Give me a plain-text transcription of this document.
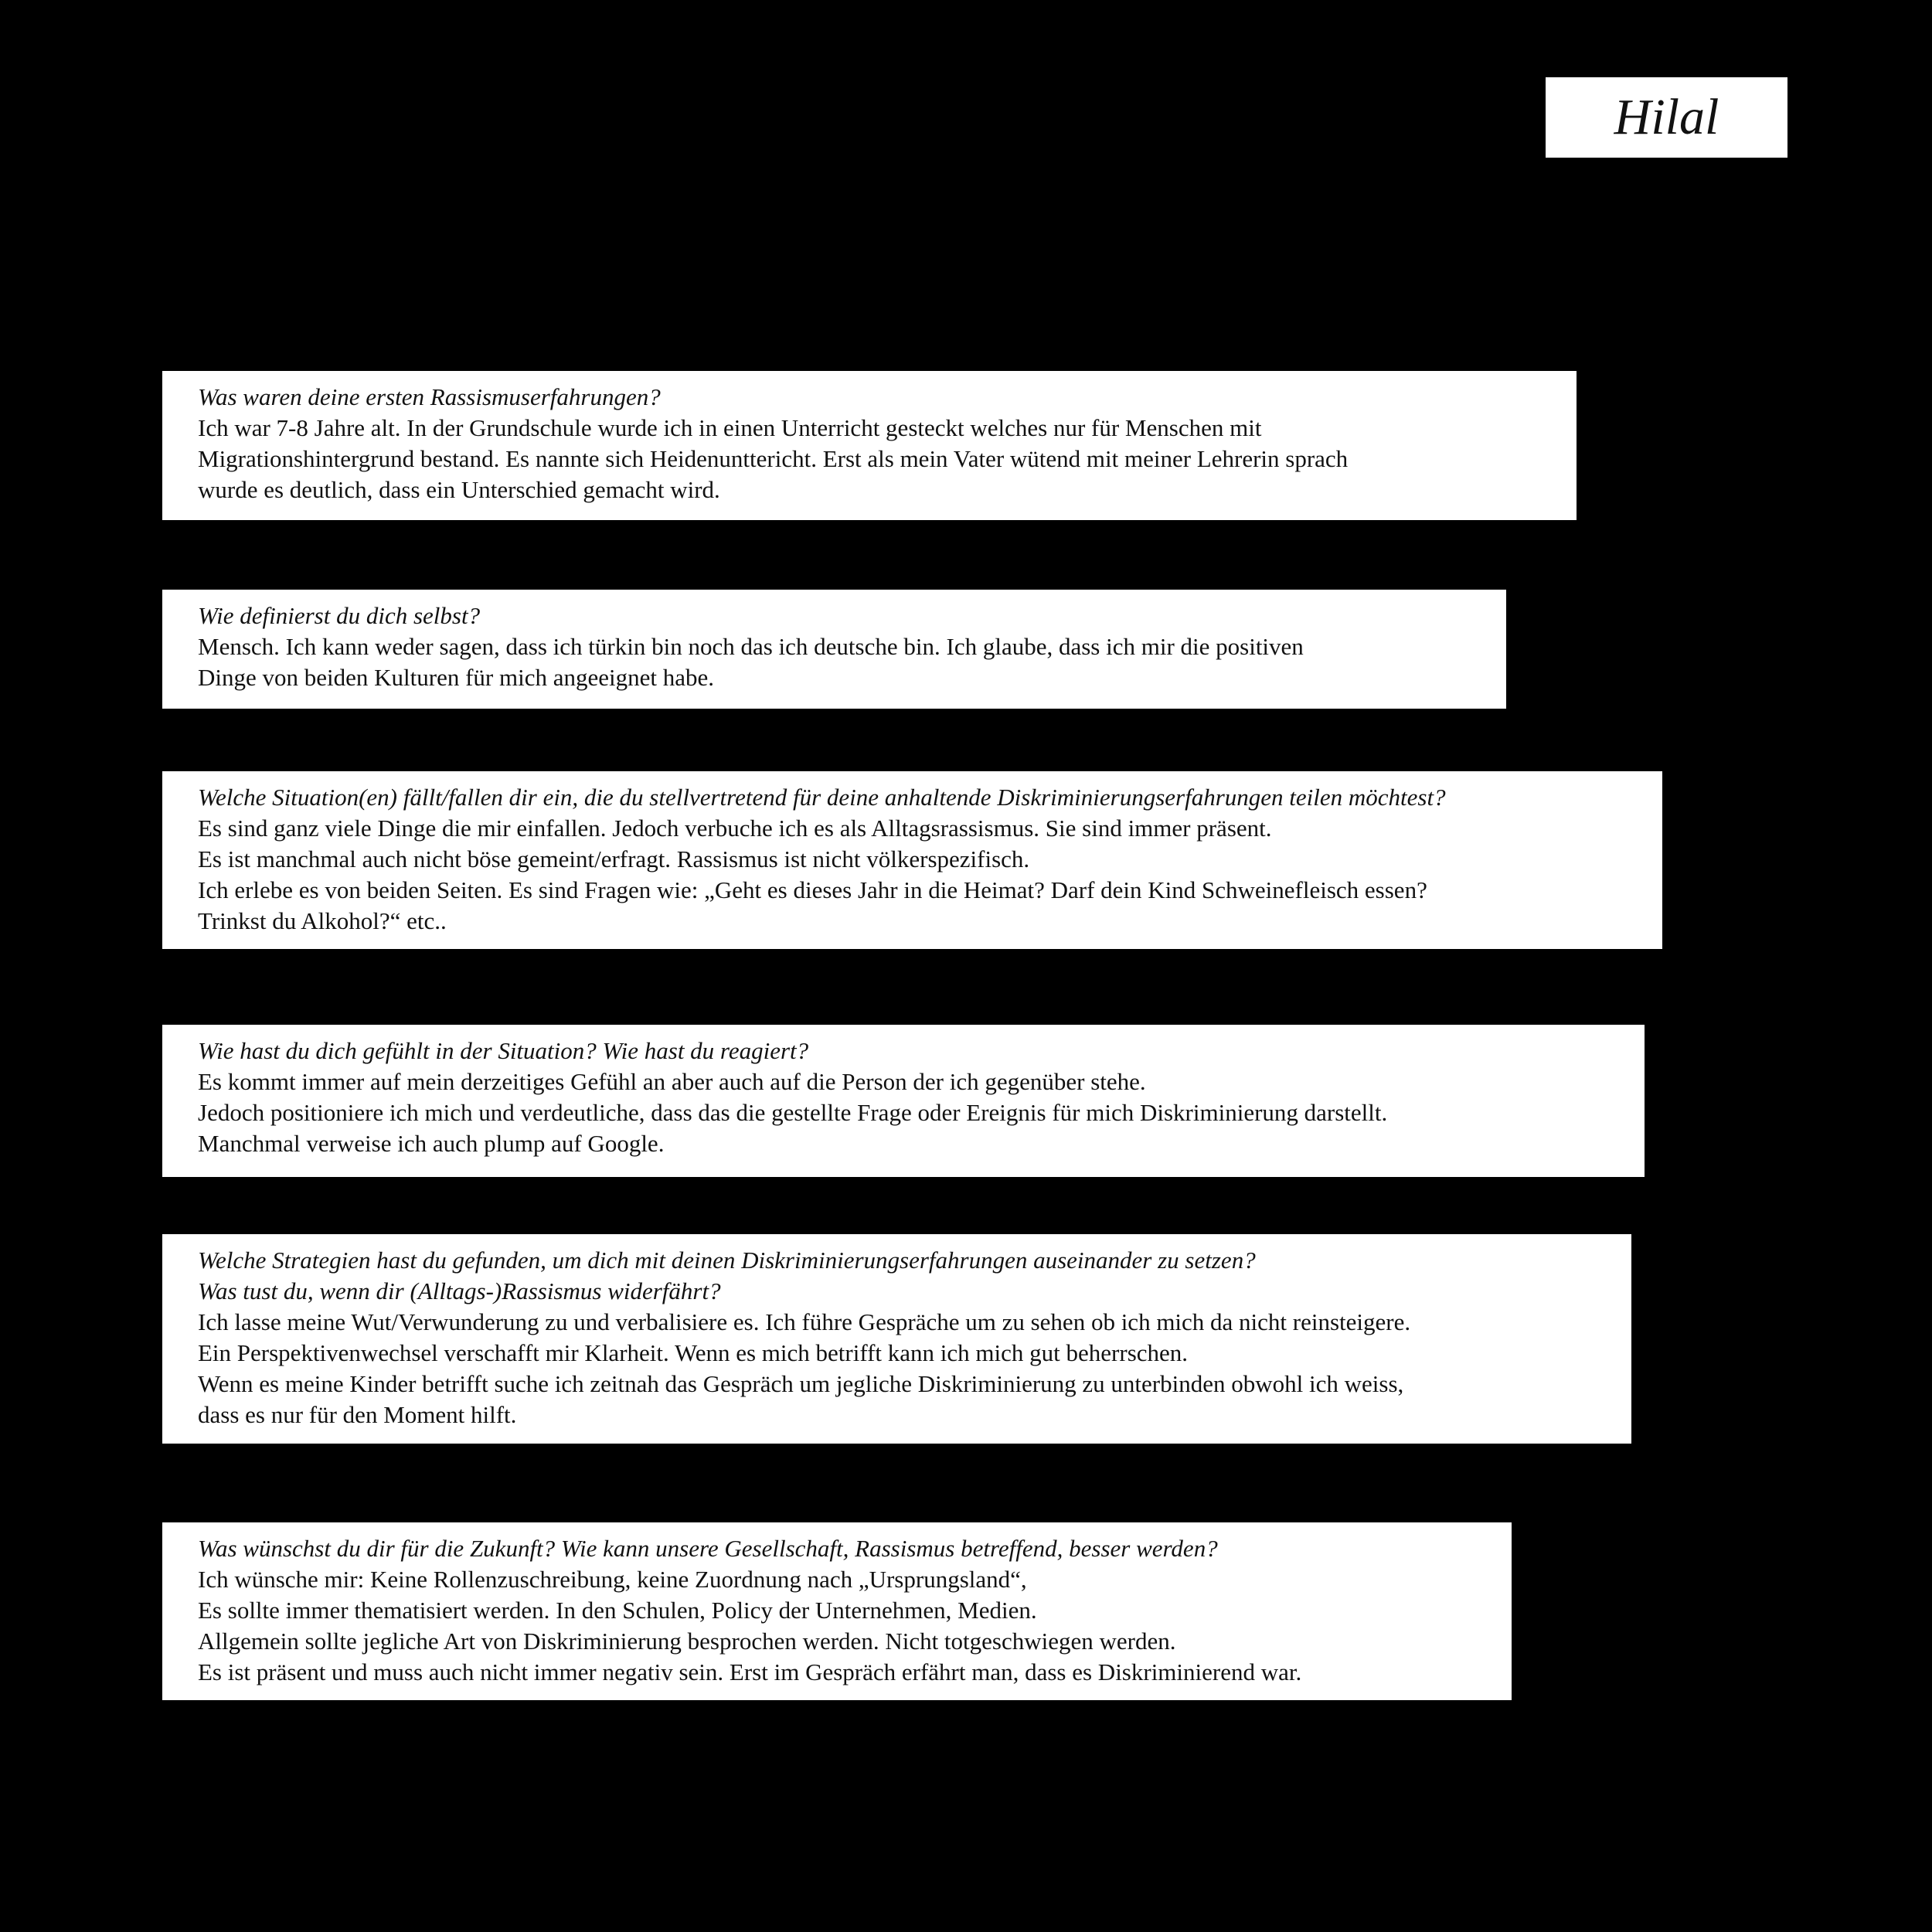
Hilal
Was waren deine ersten Rassismuserfahrungen?
Ich war 7-8 Jahre alt. In der Grundschule wurde ich in einen Unterricht gesteckt welches nur für Menschen mit
Migrationshintergrund bestand. Es nannte sich Heidenunttericht. Erst als mein Vater wütend mit meiner Lehrerin sprach
wurde es deutlich, dass ein Unterschied gemacht wird.
Wie definierst du dich selbst?
Mensch. Ich kann weder sagen, dass ich türkin bin noch das ich deutsche bin. Ich glaube, dass ich mir die positiven
Dinge von beiden Kulturen für mich angeeignet habe.
Welche Situation(en) fällt/fallen dir ein, die du stellvertretend für deine anhaltende Diskriminierungserfahrungen teilen möchtest?
Es sind ganz viele Dinge die mir einfallen. Jedoch verbuche ich es als Alltagsrassismus. Sie sind immer präsent.
Es ist manchmal auch nicht böse gemeint/erfragt. Rassismus ist nicht völkerspezifisch.
Ich erlebe es von beiden Seiten. Es sind Fragen wie: „Geht es dieses Jahr in die Heimat? Darf dein Kind Schweinefleisch essen?
Trinkst du Alkohol?“ etc..
Wie hast du dich gefühlt in der Situation? Wie hast du reagiert?
Es kommt immer auf mein derzeitiges Gefühl an aber auch auf die Person der ich gegenüber stehe.
Jedoch positioniere ich mich und verdeutliche, dass das die gestellte Frage oder Ereignis für mich Diskriminierung darstellt.
Manchmal verweise ich auch plump auf Google.
Welche Strategien hast du gefunden, um dich mit deinen Diskriminierungserfahrungen auseinander zu setzen?
Was tust du, wenn dir (Alltags-)Rassismus widerfährt?
Ich lasse meine Wut/Verwunderung zu und verbalisiere es. Ich führe Gespräche um zu sehen ob ich mich da nicht reinsteigere.
Ein Perspektivenwechsel verschafft mir Klarheit. Wenn es mich betrifft kann ich mich gut beherrschen.
Wenn es meine Kinder betrifft suche ich zeitnah das Gespräch um jegliche Diskriminierung zu unterbinden obwohl ich weiss,
dass es nur für den Moment hilft.
Was wünschst du dir für die Zukunft? Wie kann unsere Gesellschaft, Rassismus betreffend, besser werden?
Ich wünsche mir: Keine Rollenzuschreibung, keine Zuordnung nach „Ursprungsland“,
Es sollte immer thematisiert werden. In den Schulen, Policy der Unternehmen, Medien.
Allgemein sollte jegliche Art von Diskriminierung besprochen werden. Nicht totgeschwiegen werden.
Es ist präsent und muss auch nicht immer negativ sein. Erst im Gespräch erfährt man, dass es Diskriminierend war.
